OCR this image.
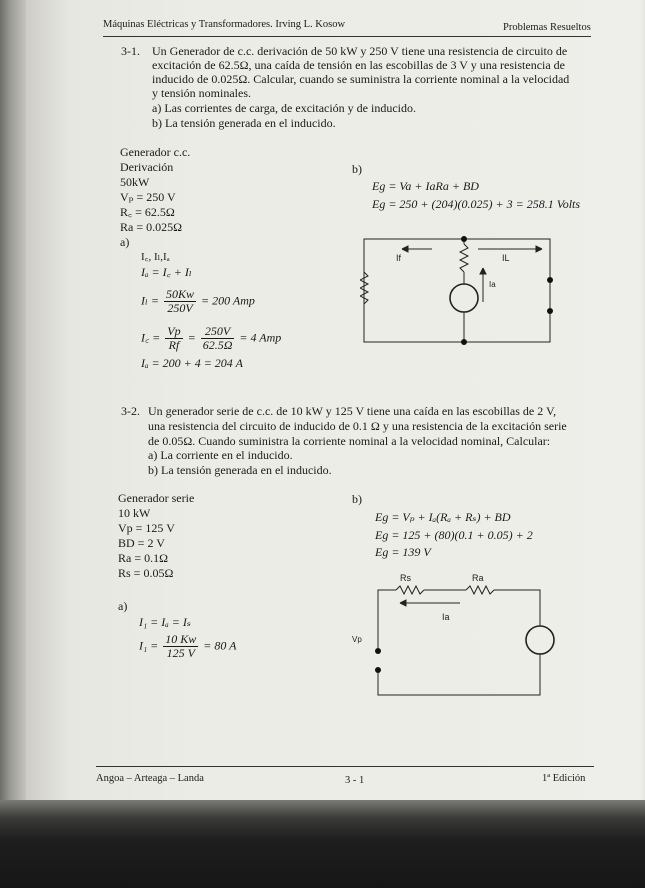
Máquinas Eléctricas y Transformadores. Irving L. Kosow	Problemas Resueltos
3-1. Un Generador de c.c. derivación de 50 kW y 250 V tiene una resistencia de circuito de
excitación de 62.5Ω, una caída de tensión en las escobillas de 3 V y una resistencia de
inducido de 0.025Ω. Calcular, cuando se suministra la corriente nominal a la velocidad
y tensión nominales.
a) Las corrientes de carga, de excitación y de inducido.
b) La tensión generada en el inducido.
Generador c.c.
Derivación
50kW
Vₚ = 250 V
R꜀ = 62.5Ω
Ra = 0.025Ω
a)
I꜀, Iₗ,Iₐ
Iₐ = I꜀ + Iₗ
$I_l = \frac{50Kw}{250V} = 200$ Amp
I꜀ = $\frac{Vp}{Rf} = \frac{250V}{62.5\Omega} = 4$ Amp
Iₐ = 200 + 4 = 204 A
b)
Eg = Va + IaRa + BD
Eg = 250 + (204)(0.025) + 3 = 258.1 Volts
If	IL
Ia
3-2. Un generador serie de c.c. de 10 kW y 125 V tiene una caída en las escobillas de 2 V,
una resistencia del circuito de inducido de 0.1 Ω y una resistencia de la excitación serie
de 0.05Ω. Cuando suministra la corriente nominal a la velocidad nominal, Calcular:
a) La corriente en el inducido.
b) La tensión generada en el inducido.
Generador serie
10 kW
Vp = 125 V
BD = 2 V
Ra = 0.1Ω
Rs = 0.05Ω
a)
I₁ = Iₐ = Iₛ
$I_1 = \frac{10 Kw}{125 V} = 80$ A
b)
Eg = Vₚ + Iₐ(Rₐ + Rₛ) + BD
Eg = 125 + (80)(0.1 + 0.05) + 2
Eg = 139 V
Rs	Ra
Ia
Vp
Angoa – Arteaga – Landa	3 - 1	1ª Edición
